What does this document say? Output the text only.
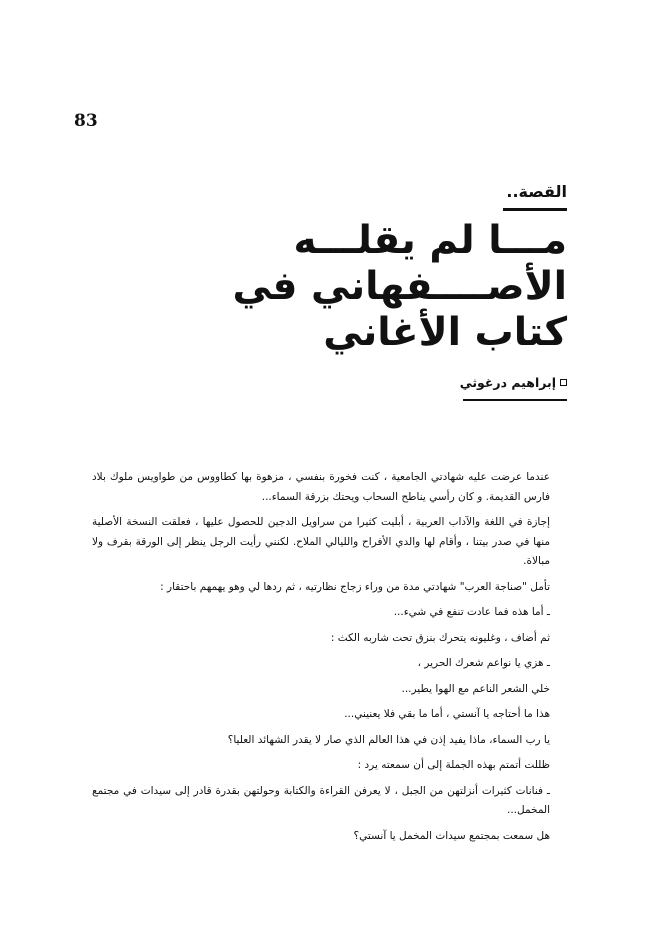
83
القصة..
مـــا لم يقلـــه
الأصــــفهاني في
كتاب الأغاني
إبراهيم درغوثي

عندما عرضت عليه شهادتي الجامعية ، كنت فخورة بنفسي ، مزهوة بها كطاووس من طواويس ملوك بلاد فارس القديمة. و كان رأسي يناطح السحاب ويحتك بزرقة السماء...

إجازة في اللغة والآداب العربية ، أبليت كثيرا من سراويل الدجين للحصول عليها ، فعلقت النسخة الأصلية منها في صدر بيتنا ، وأقام لها والدي الأفراح والليالي الملاح. لكنني رأيت الرجل ينظر إلى الورقة بقرف ولا مبالاة.

تأمل "صناجة العرب" شهادتي مدة من وراء زجاج نظارتيه ، ثم ردها لي وهو يهمهم باحتقار :

ـ أما هذه فما عادت تنفع في شيء...

ثم أضاف ، وغليونه يتحرك بنزق تحت شاربه الكث :

ـ هزي يا نواعم شعرك الحرير ،

خلي الشعر الناعم مع الهوا يطير...

هذا ما أحتاجه يا آنستي ، أما ما بقي فلا يعنيني...

يا رب السماء، ماذا يفيد إذن في هذا العالم الذي صار لا يقدر الشهائد العليا؟

ظللت أتمتم بهذه الجملة إلى أن سمعته يرد :

ـ فنانات كثيرات أنزلتهن من الجبل ، لا يعرفن القراءة والكتابة وحولتهن بقدرة قادر إلى سيدات في مجتمع المخمل...

هل سمعت بمجتمع سيدات المخمل يا آنستي؟
